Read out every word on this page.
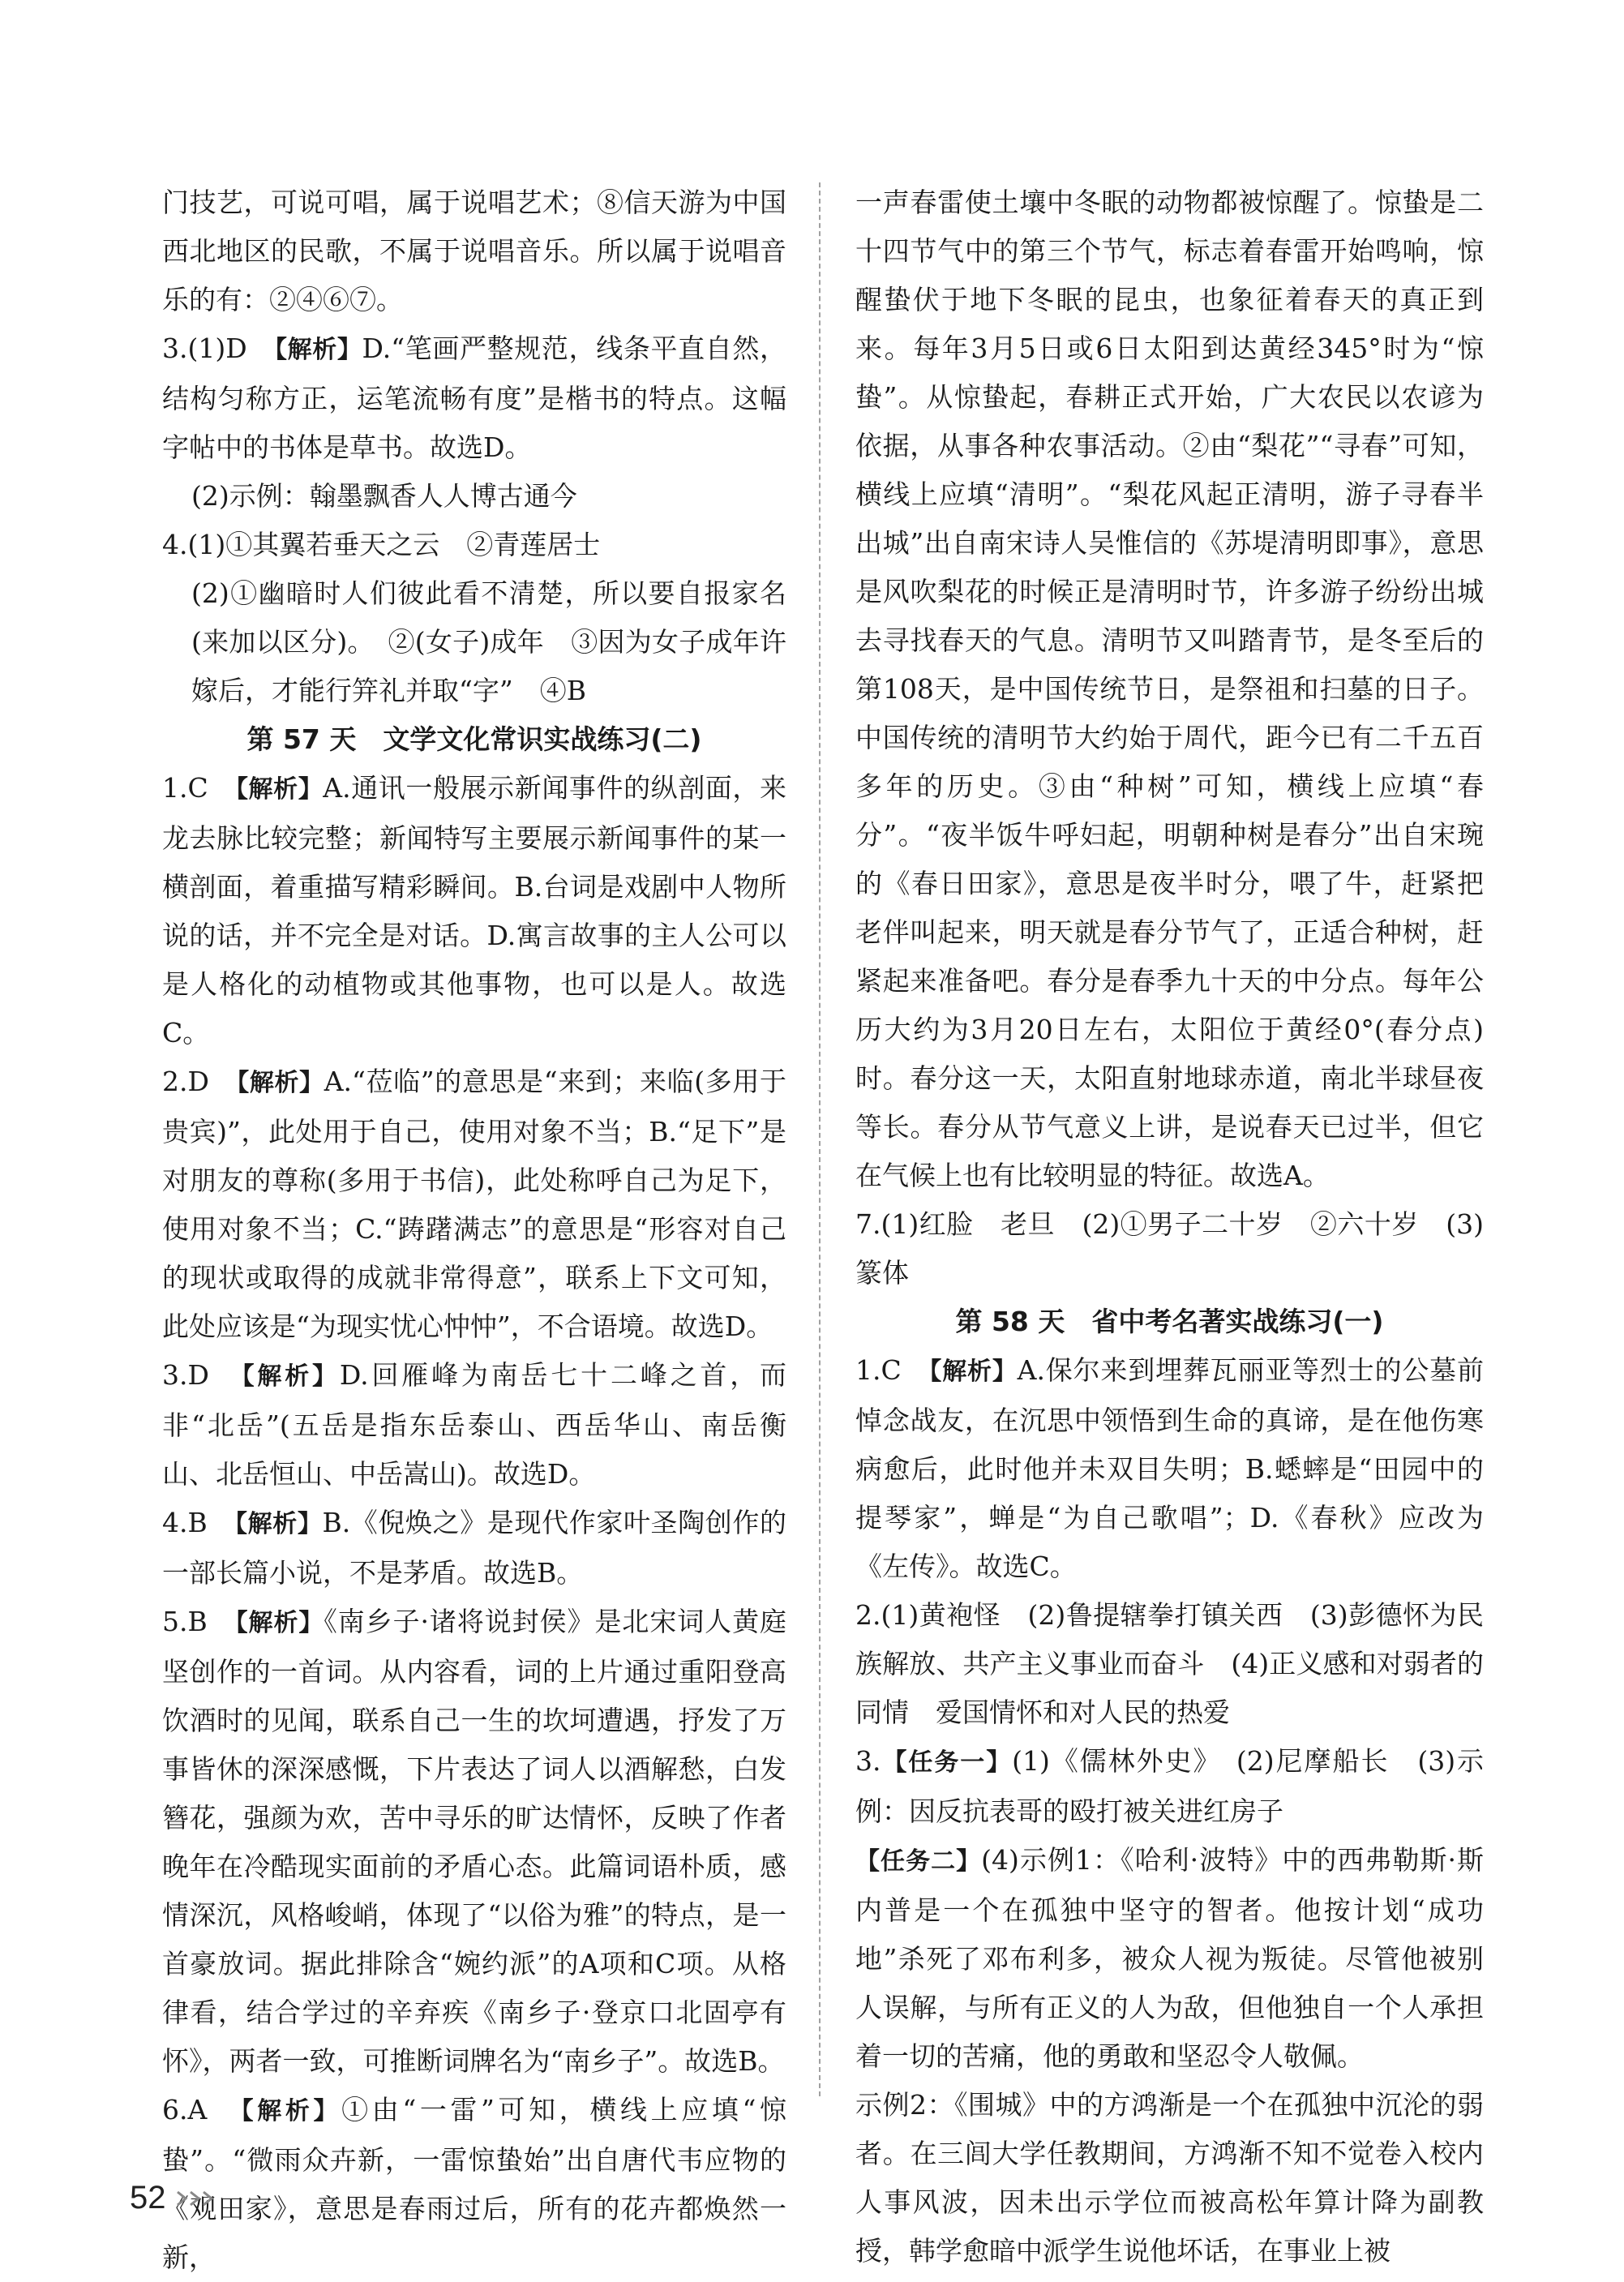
门技艺，可说可唱，属于说唱艺术；⑧信天游为中国西北地区的民歌，不属于说唱音乐。所以属于说唱音乐的有：②④⑥⑦。

3.(1)D　 【解析】D.“笔画严整规范，线条平直自然，结构匀称方正，运笔流畅有度”是楷书的特点。这幅字帖中的书体是草书。故选D。

(2)示例：翰墨飘香人人博古通今

4.(1)①其翼若垂天之云　②青莲居士

(2)①幽暗时人们彼此看不清楚，所以要自报家名(来加以区分)。　②(女子)成年　③因为女子成年许嫁后，才能行笄礼并取“字”　④B

第 57 天　文学文化常识实战练习(二)

1.C　 【解析】A.通讯一般展示新闻事件的纵剖面，来龙去脉比较完整；新闻特写主要展示新闻事件的某一横剖面，着重描写精彩瞬间。B.台词是戏剧中人物所说的话，并不完全是对话。D.寓言故事的主人公可以是人格化的动植物或其他事物，也可以是人。故选C。

2.D　 【解析】A.“莅临”的意思是“来到；来临(多用于贵宾)”，此处用于自己，使用对象不当；B.“足下”是对朋友的尊称(多用于书信)，此处称呼自己为足下，使用对象不当；C.“踌躇满志”的意思是“形容对自己的现状或取得的成就非常得意”，联系上下文可知，此处应该是“为现实忧心忡忡”，不合语境。故选D。

3.D　 【解析】D.回雁峰为南岳七十二峰之首，而非“北岳”(五岳是指东岳泰山、西岳华山、南岳衡山、北岳恒山、中岳嵩山)。故选D。

4.B　 【解析】B.《倪焕之》是现代作家叶圣陶创作的一部长篇小说，不是茅盾。故选B。

5.B　 【解析】《南乡子·诸将说封侯》是北宋词人黄庭坚创作的一首词。从内容看，词的上片通过重阳登高饮酒时的见闻，联系自己一生的坎坷遭遇，抒发了万事皆休的深深感慨，下片表达了词人以酒解愁，白发簪花，强颜为欢，苦中寻乐的旷达情怀，反映了作者晚年在冷酷现实面前的矛盾心态。此篇词语朴质，感情深沉，风格峻峭，体现了“以俗为雅”的特点，是一首豪放词。据此排除含“婉约派”的A项和C项。从格律看，结合学过的辛弃疾《南乡子·登京口北固亭有怀》，两者一致，可推断词牌名为“南乡子”。故选B。

6.A　 【解析】①由“一雷”可知，横线上应填“惊蛰”。“微雨众卉新，一雷惊蛰始”出自唐代韦应物的《观田家》，意思是春雨过后，所有的花卉都焕然一新，

一声春雷使土壤中冬眠的动物都被惊醒了。惊蛰是二十四节气中的第三个节气，标志着春雷开始鸣响，惊醒蛰伏于地下冬眠的昆虫，也象征着春天的真正到来。每年3月5日或6日太阳到达黄经345°时为“惊蛰”。从惊蛰起，春耕正式开始，广大农民以农谚为依据，从事各种农事活动。②由“梨花”“寻春”可知，横线上应填“清明”。“梨花风起正清明，游子寻春半出城”出自南宋诗人吴惟信的《苏堤清明即事》，意思是风吹梨花的时候正是清明时节，许多游子纷纷出城去寻找春天的气息。清明节又叫踏青节，是冬至后的第108天，是中国传统节日，是祭祖和扫墓的日子。中国传统的清明节大约始于周代，距今已有二千五百多年的历史。③由“种树”可知，横线上应填“春分”。“夜半饭牛呼妇起，明朝种树是春分”出自宋琬的《春日田家》，意思是夜半时分，喂了牛，赶紧把老伴叫起来，明天就是春分节气了，正适合种树，赶紧起来准备吧。春分是春季九十天的中分点。每年公历大约为3月20日左右，太阳位于黄经0°(春分点)时。春分这一天，太阳直射地球赤道，南北半球昼夜等长。春分从节气意义上讲，是说春天已过半，但它在气候上也有比较明显的特征。故选A。

7.(1)红脸　老旦　(2)①男子二十岁　②六十岁　(3)篆体

第 58 天　省中考名著实战练习(一)

1.C　 【解析】A.保尔来到埋葬瓦丽亚等烈士的公墓前悼念战友，在沉思中领悟到生命的真谛，是在他伤寒病愈后，此时他并未双目失明；B.蟋蟀是“田园中的提琴家”，蝉是“为自己歌唱”；D.《春秋》应改为《左传》。故选C。

2.(1)黄袍怪　(2)鲁提辖拳打镇关西　(3)彭德怀为民族解放、共产主义事业而奋斗　(4)正义感和对弱者的同情　爱国情怀和对人民的热爱

3.【任务一】(1)《儒林外史》　(2)尼摩船长　(3)示例：因反抗表哥的殴打被关进红房子

【任务二】(4)示例1：《哈利·波特》中的西弗勒斯·斯内普是一个在孤独中坚守的智者。他按计划“成功地”杀死了邓布利多，被众人视为叛徒。尽管他被别人误解，与所有正义的人为敌，但他独自一个人承担着一切的苦痛，他的勇敢和坚忍令人敬佩。

示例2：《围城》中的方鸿渐是一个在孤独中沉沦的弱者。在三闾大学任教期间，方鸿渐不知不觉卷入校内人事风波，因未出示学位而被高松年算计降为副教授，韩学愈暗中派学生说他坏话，在事业上被

52
